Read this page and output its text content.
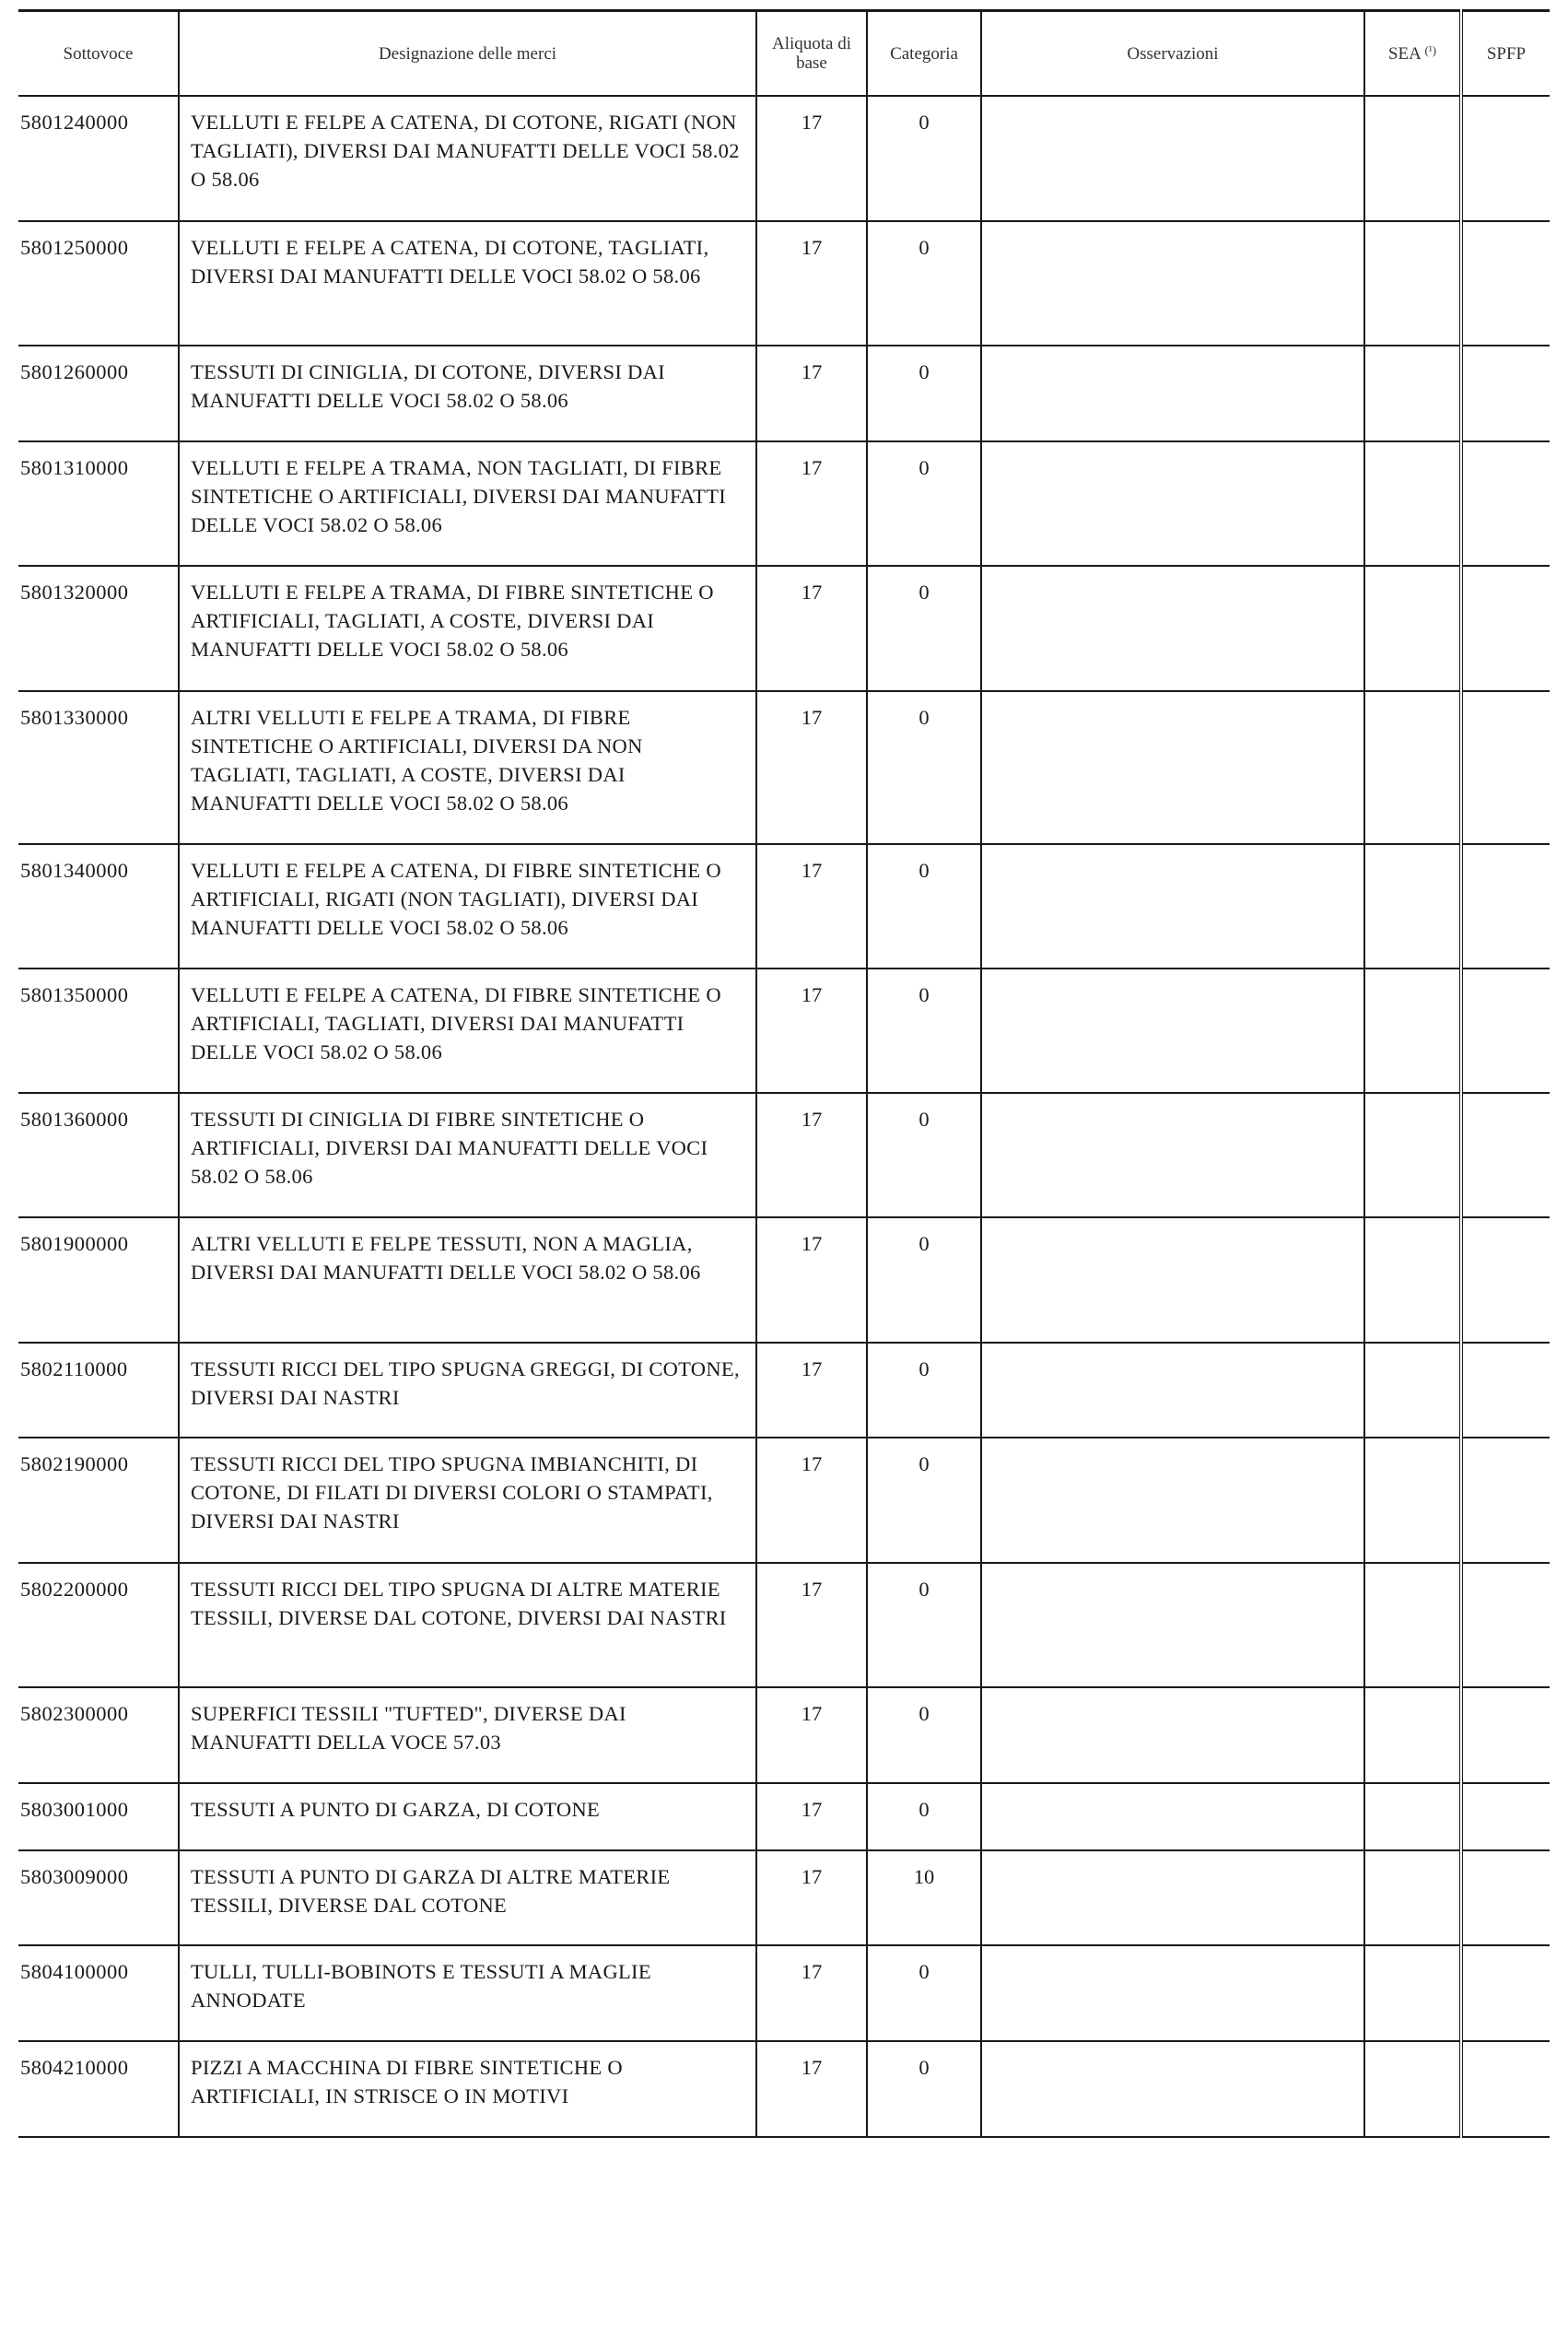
Sottovoce	Designazione delle merci	Aliquota di base	Categoria	Osservazioni	SEA $^{(^1)}$	SPFP
5801240000	VELLUTI E FELPE A CATENA, DI COTONE, RIGATI (NON TAGLIATI), DIVERSI DAI MANUFATTI DELLE VOCI 58.02 O 58.06	17	0			
5801250000	VELLUTI E FELPE A CATENA, DI COTONE, TAGLIATI, DIVERSI DAI MANUFATTI DELLE VOCI 58.02 O 58.06	17	0			
5801260000	TESSUTI DI CINIGLIA, DI COTONE, DIVERSI DAI MANUFATTI DELLE VOCI 58.02 O 58.06	17	0			
5801310000	VELLUTI E FELPE A TRAMA, NON TAGLIATI, DI FIBRE SINTETICHE O ARTIFICIALI, DIVERSI DAI MANUFATTI DELLE VOCI 58.02 O 58.06	17	0			
5801320000	VELLUTI E FELPE A TRAMA, DI FIBRE SINTETICHE O ARTIFICIALI, TAGLIATI, A COSTE, DIVERSI DAI MANUFATTI DELLE VOCI 58.02 O 58.06	17	0			
5801330000	ALTRI VELLUTI E FELPE A TRAMA, DI FIBRE SINTETICHE O ARTIFICIALI, DIVERSI DA NON TAGLIATI, TAGLIATI, A COSTE, DIVERSI DAI MANUFATTI DELLE VOCI 58.02 O 58.06	17	0			
5801340000	VELLUTI E FELPE A CATENA, DI FIBRE SINTETICHE O ARTIFICIALI, RIGATI (NON TAGLIATI), DIVERSI DAI MANUFATTI DELLE VOCI 58.02 O 58.06	17	0			
5801350000	VELLUTI E FELPE A CATENA, DI FIBRE SINTETICHE O ARTIFICIALI, TAGLIATI, DIVERSI DAI MANUFATTI DELLE VOCI 58.02 O 58.06	17	0			
5801360000	TESSUTI DI CINIGLIA DI FIBRE SINTETICHE O ARTIFICIALI, DIVERSI DAI MANUFATTI DELLE VOCI 58.02 O 58.06	17	0			
5801900000	ALTRI VELLUTI E FELPE TESSUTI, NON A MAGLIA, DIVERSI DAI MANUFATTI DELLE VOCI 58.02 O 58.06	17	0			
5802110000	TESSUTI RICCI DEL TIPO SPUGNA GREGGI, DI COTONE, DIVERSI DAI NASTRI	17	0			
5802190000	TESSUTI RICCI DEL TIPO SPUGNA IMBIANCHITI, DI COTONE, DI FILATI DI DIVERSI COLORI O STAMPATI, DIVERSI DAI NASTRI	17	0			
5802200000	TESSUTI RICCI DEL TIPO SPUGNA DI ALTRE MATERIE TESSILI, DIVERSE DAL COTONE, DIVERSI DAI NASTRI	17	0			
5802300000	SUPERFICI TESSILI "TUFTED", DIVERSE DAI MANUFATTI DELLA VOCE 57.03	17	0			
5803001000	TESSUTI A PUNTO DI GARZA, DI COTONE	17	0			
5803009000	TESSUTI A PUNTO DI GARZA DI ALTRE MATERIE TESSILI, DIVERSE DAL COTONE	17	10			
5804100000	TULLI, TULLI-BOBINOTS E TESSUTI A MAGLIE ANNODATE	17	0			
5804210000	PIZZI A MACCHINA DI FIBRE SINTETICHE O ARTIFICIALI, IN STRISCE O IN MOTIVI	17	0			
